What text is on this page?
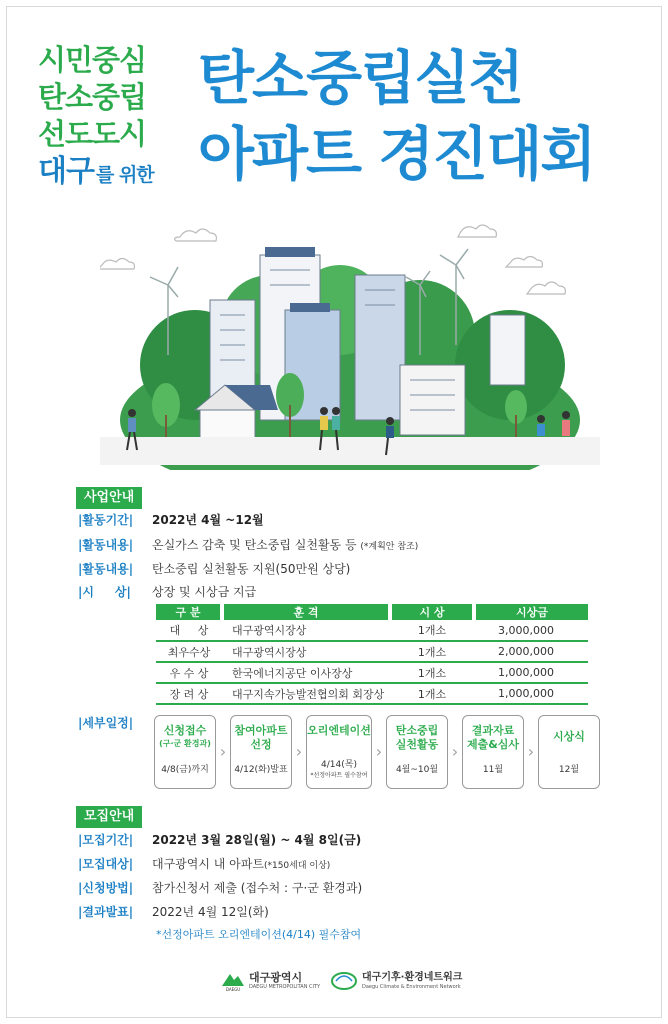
시민중심
탄소중립
선도도시
대구 를 위한
탄소중립실천
아파트 경진대회
사업안내
|활동기간| 2022년 4월 ~12월
|활동내용| 온실가스 감축 및 탄소중립 실천활동 등 (*계획안 참조)
|활동내용| 탄소중립 실천활동 지원(50만원 상당)
|시     상| 상장 및 시상금 지급
구 분	훈 격	시 상	시상금
대     상	대구광역시장상	1개소	3,000,000
최우수상	대구광역시장상	1개소	2,000,000
우 수 상	한국에너지공단 이사장상	1개소	1,000,000
장 려 상	대구지속가능발전협의회 회장상	1개소	1,000,000
|세부일정|
신청접수
(구·군 환경과)
4/8(금)까지
›
참여아파트
선정
4/12(화)발표
›
오리엔테이션
4/14(목)
*선정아파트 필수참여
›
탄소중립
실천활동
4월~10월
›
결과자료
제출&심사
11월
›
시상식
12월
모집안내
|모집기간| 2022년 3월 28일(월) ~ 4월 8일(금)
|모집대상| 대구광역시 내 아파트(*150세대 이상)
|신청방법| 참가신청서 제출 (접수처 : 구·군 환경과)
|결과발표| 2022년 4월 12일(화)
*선정아파트 오리엔테이션(4/14) 필수참여
DAEGU
대구광역시
DAEGU METROPOLITAN CITY
대구기후·환경네트워크
Daegu Climate & Environment Network
